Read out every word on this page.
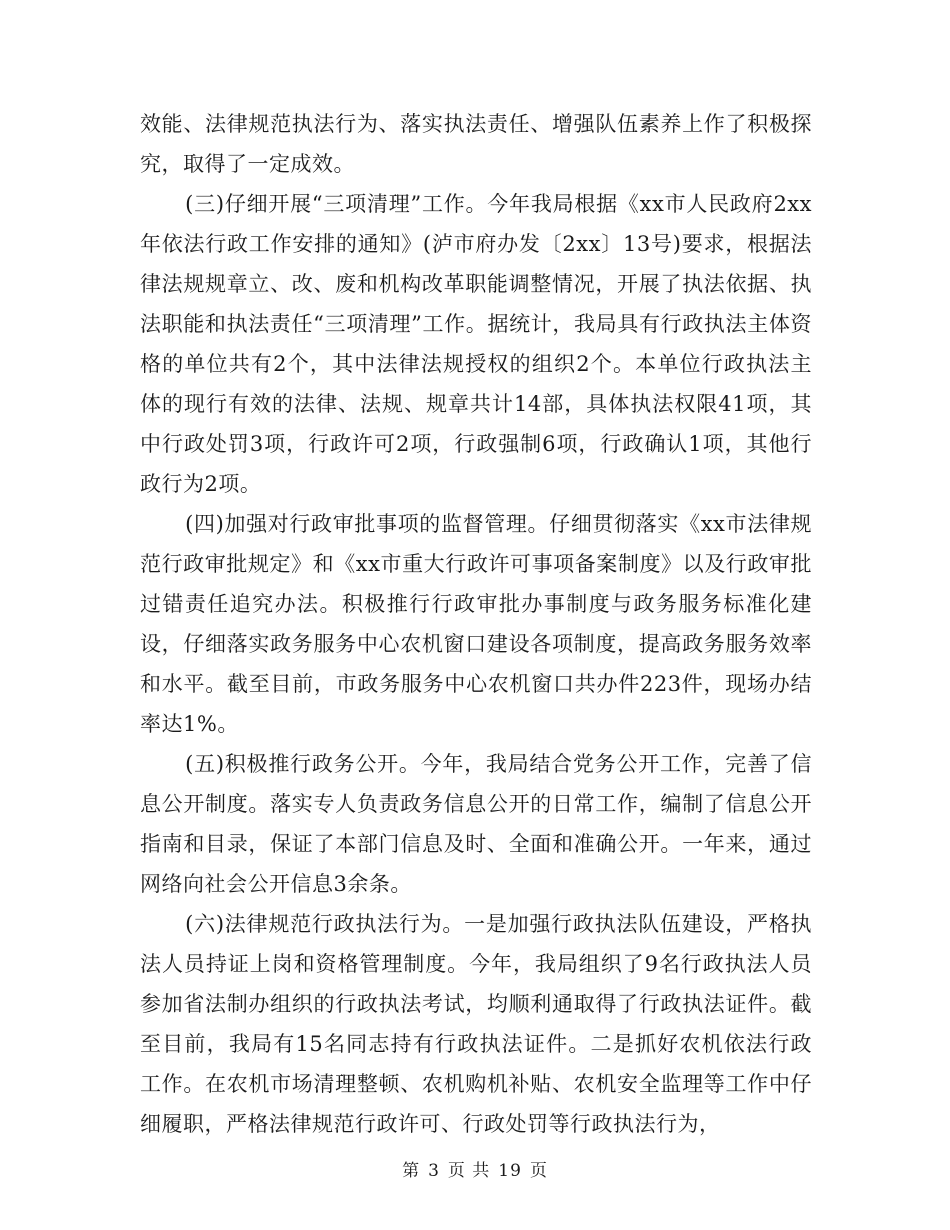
效能、法律规范执法行为、落实执法责任、增强队伍素养上作了积极探究，取得了一定成效。

(三)仔细开展“三项清理”工作。今年我局根据《xx市人民政府2xx年依法行政工作安排的通知》(泸市府办发〔2xx〕13号)要求，根据法律法规规章立、改、废和机构改革职能调整情况，开展了执法依据、执法职能和执法责任“三项清理”工作。据统计，我局具有行政执法主体资格的单位共有2个，其中法律法规授权的组织2个。本单位行政执法主体的现行有效的法律、法规、规章共计14部，具体执法权限41项，其中行政处罚3项，行政许可2项，行政强制6项，行政确认1项，其他行政行为2项。

(四)加强对行政审批事项的监督管理。仔细贯彻落实《xx市法律规范行政审批规定》和《xx市重大行政许可事项备案制度》以及行政审批过错责任追究办法。积极推行行政审批办事制度与政务服务标准化建设，仔细落实政务服务中心农机窗口建设各项制度，提高政务服务效率和水平。截至目前，市政务服务中心农机窗口共办件223件，现场办结率达1%。

(五)积极推行政务公开。今年，我局结合党务公开工作，完善了信息公开制度。落实专人负责政务信息公开的日常工作，编制了信息公开指南和目录，保证了本部门信息及时、全面和准确公开。一年来，通过网络向社会公开信息3余条。

(六)法律规范行政执法行为。一是加强行政执法队伍建设，严格执法人员持证上岗和资格管理制度。今年，我局组织了9名行政执法人员参加省法制办组织的行政执法考试，均顺利通取得了行政执法证件。截至目前，我局有15名同志持有行政执法证件。二是抓好农机依法行政工作。在农机市场清理整顿、农机购机补贴、农机安全监理等工作中仔细履职，严格法律规范行政许可、行政处罚等行政执法行为，

第 3 页 共 19 页
